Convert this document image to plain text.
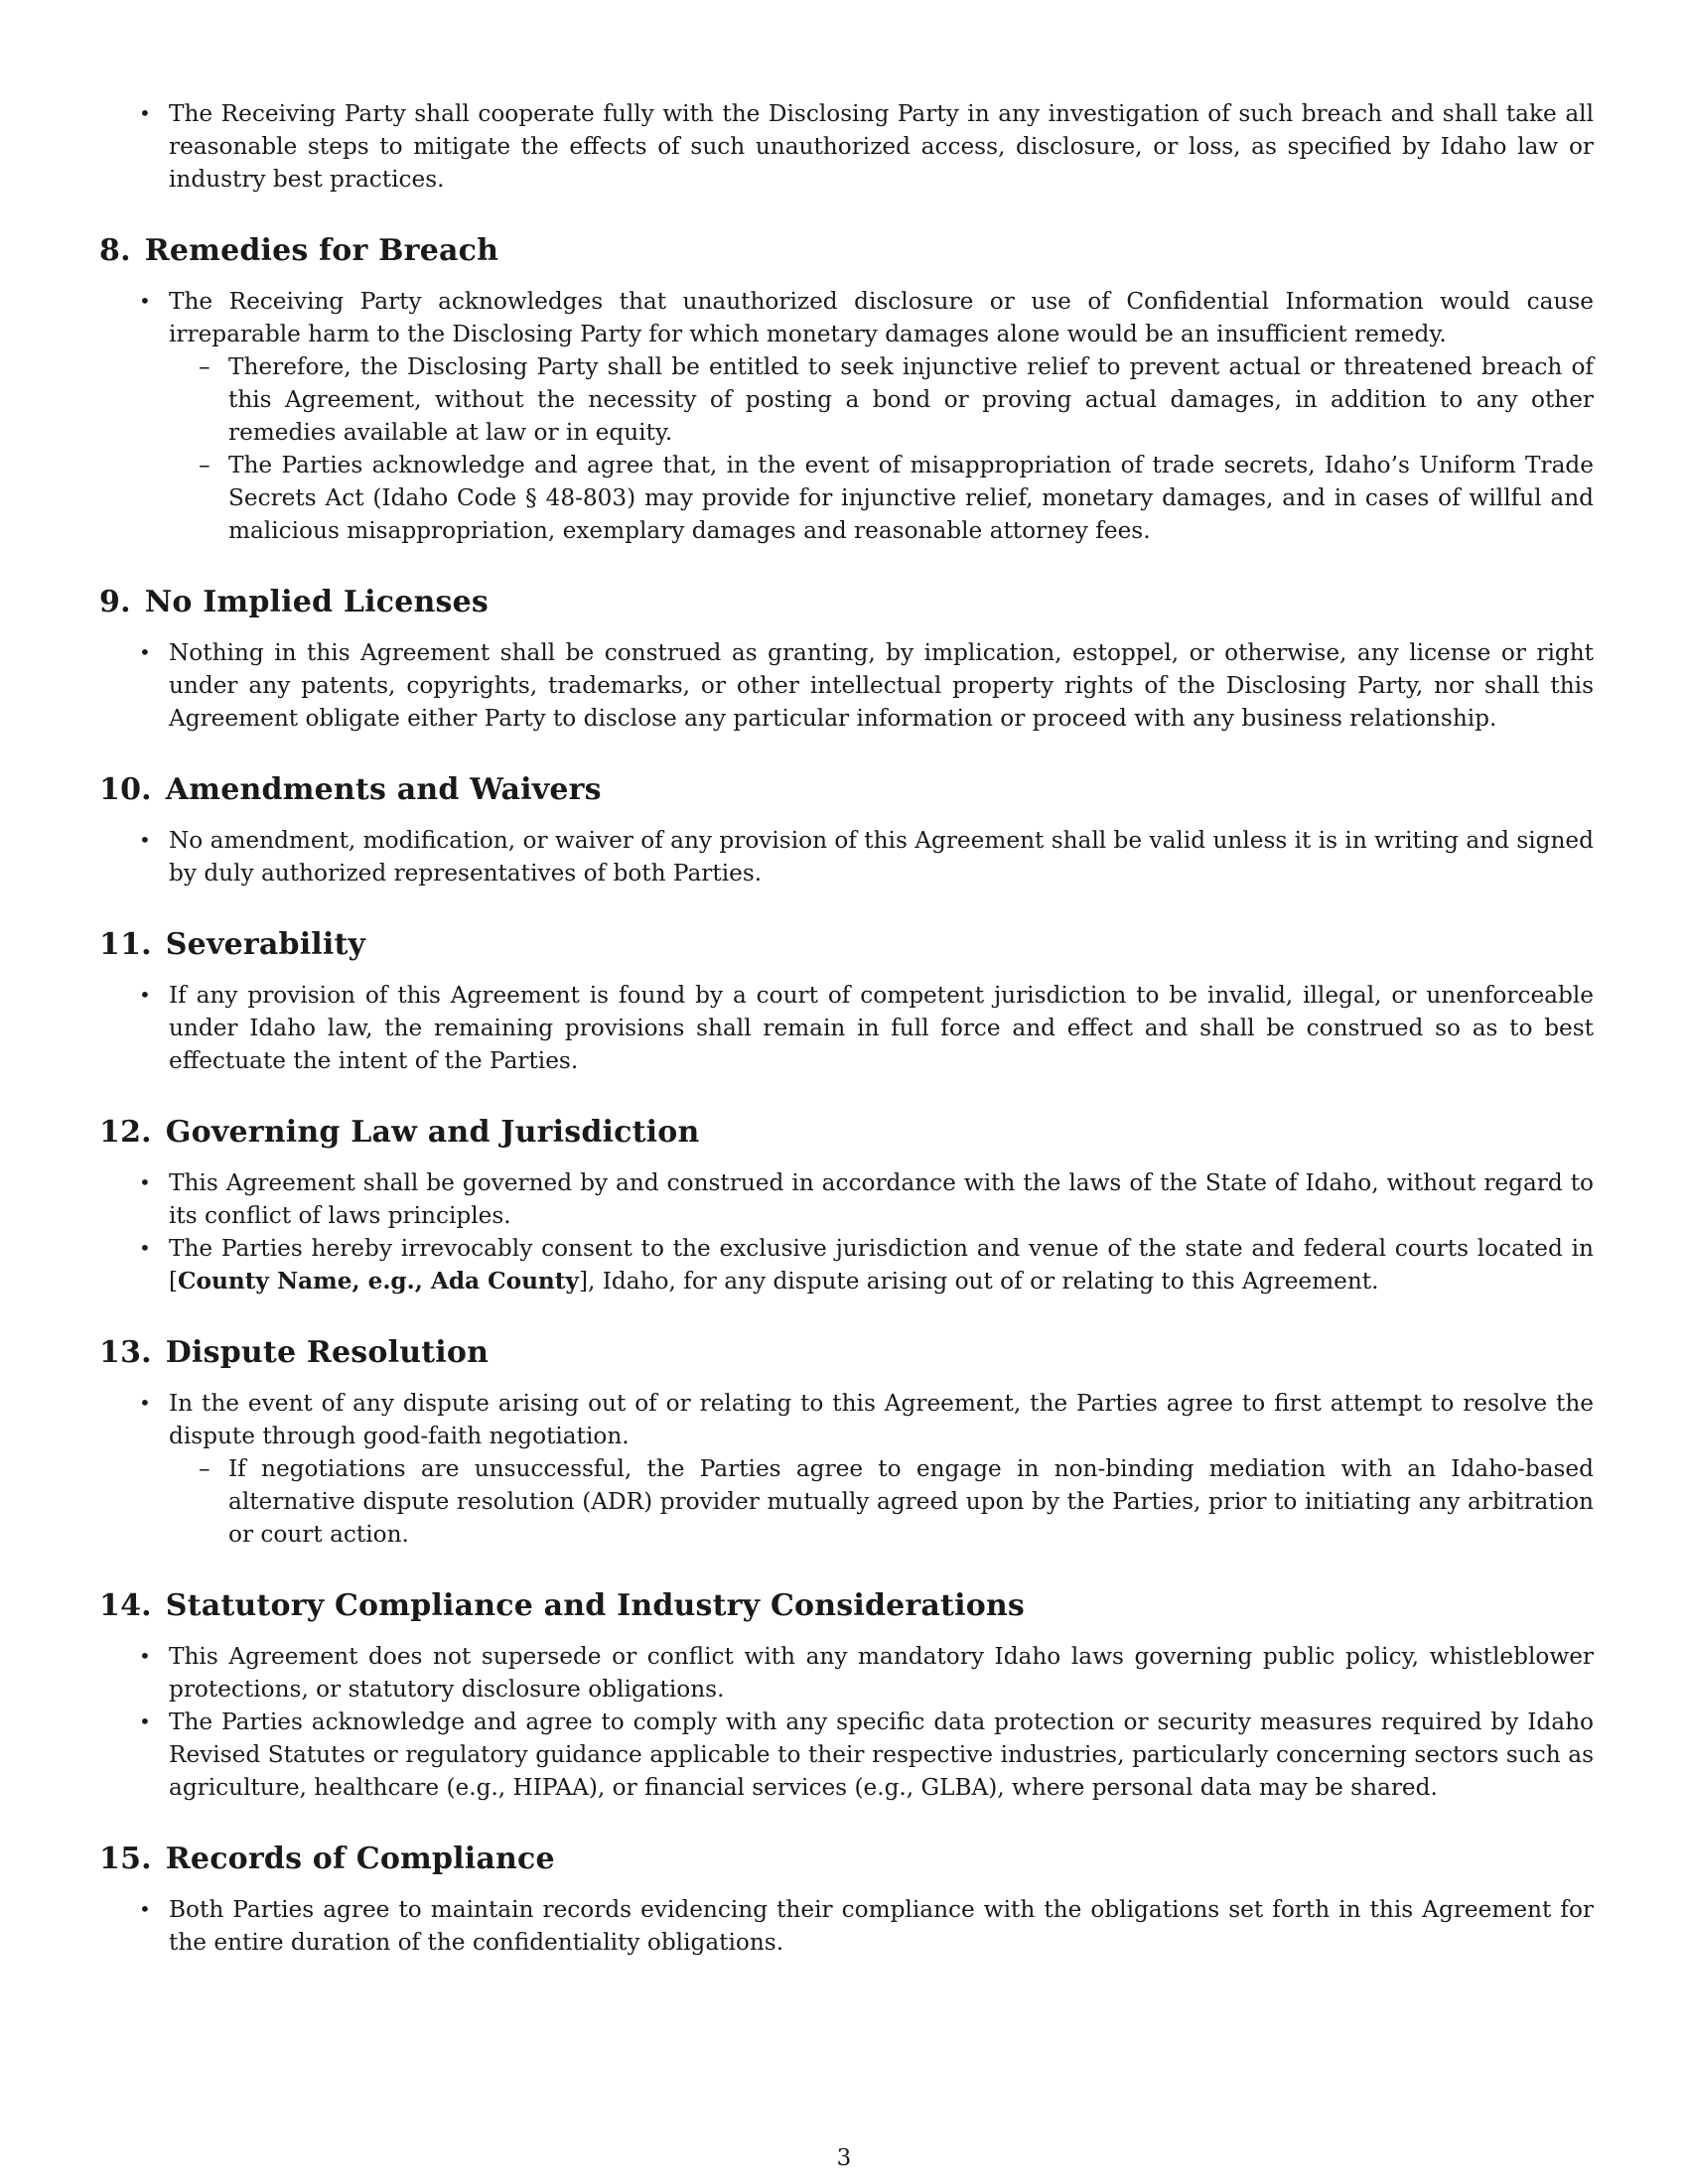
• The Receiving Party shall cooperate fully with the Disclosing Party in any investigation of such breach and shall take all reasonable steps to mitigate the effects of such unauthorized access, disclosure, or loss, as specified by Idaho law or industry best practices.
8. Remedies for Breach
• The Receiving Party acknowledges that unauthorized disclosure or use of Confidential Information would cause irreparable harm to the Disclosing Party for which monetary damages alone would be an insufficient remedy.
– Therefore, the Disclosing Party shall be entitled to seek injunctive relief to prevent actual or threatened breach of this Agreement, without the necessity of posting a bond or proving actual damages, in addition to any other remedies available at law or in equity.
– The Parties acknowledge and agree that, in the event of misappropriation of trade secrets, Idaho’s Uniform Trade Secrets Act (Idaho Code § 48-803) may provide for injunctive relief, monetary damages, and in cases of willful and malicious misappropriation, exemplary damages and reasonable attorney fees.
9. No Implied Licenses
• Nothing in this Agreement shall be construed as granting, by implication, estoppel, or otherwise, any license or right under any patents, copyrights, trademarks, or other intellectual property rights of the Disclosing Party, nor shall this Agreement obligate either Party to disclose any particular information or proceed with any business relationship.
10. Amendments and Waivers
• No amendment, modification, or waiver of any provision of this Agreement shall be valid unless it is in writing and signed by duly authorized representatives of both Parties.
11. Severability
• If any provision of this Agreement is found by a court of competent jurisdiction to be invalid, illegal, or unenforceable under Idaho law, the remaining provisions shall remain in full force and effect and shall be construed so as to best effectuate the intent of the Parties.
12. Governing Law and Jurisdiction
• This Agreement shall be governed by and construed in accordance with the laws of the State of Idaho, without regard to its conflict of laws principles.
• The Parties hereby irrevocably consent to the exclusive jurisdiction and venue of the state and federal courts located in [County Name, e.g., Ada County], Idaho, for any dispute arising out of or relating to this Agreement.
13. Dispute Resolution
• In the event of any dispute arising out of or relating to this Agreement, the Parties agree to first attempt to resolve the dispute through good-faith negotiation.
– If negotiations are unsuccessful, the Parties agree to engage in non-binding mediation with an Idaho-based alternative dispute resolution (ADR) provider mutually agreed upon by the Parties, prior to initiating any arbitration or court action.
14. Statutory Compliance and Industry Considerations
• This Agreement does not supersede or conflict with any mandatory Idaho laws governing public policy, whistleblower protections, or statutory disclosure obligations.
• The Parties acknowledge and agree to comply with any specific data protection or security measures required by Idaho Revised Statutes or regulatory guidance applicable to their respective industries, particularly concerning sectors such as agriculture, healthcare (e.g., HIPAA), or financial services (e.g., GLBA), where personal data may be shared.
15. Records of Compliance
• Both Parties agree to maintain records evidencing their compliance with the obligations set forth in this Agreement for the entire duration of the confidentiality obligations.
3
